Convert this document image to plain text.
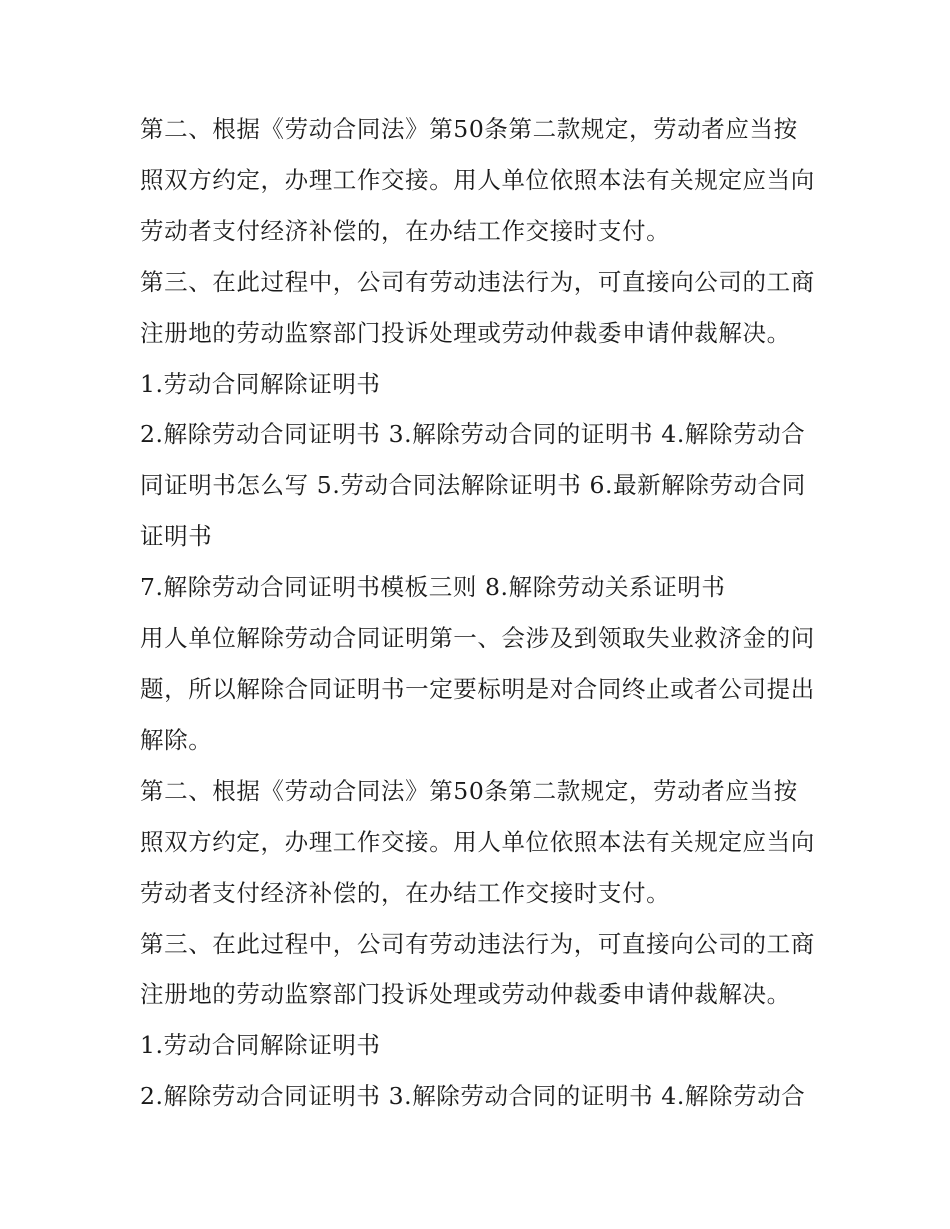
第二、根据《劳动合同法》第50条第二款规定，劳动者应当按照双方约定，办理工作交接。用人单位依照本法有关规定应当向劳动者支付经济补偿的，在办结工作交接时支付。

第三、在此过程中，公司有劳动违法行为，可直接向公司的工商注册地的劳动监察部门投诉处理或劳动仲裁委申请仲裁解决。 1.劳动合同解除证明书

2.解除劳动合同证明书 3.解除劳动合同的证明书 4.解除劳动合同证明书怎么写 5.劳动合同法解除证明书 6.最新解除劳动合同证明书

7.解除劳动合同证明书模板三则 8.解除劳动关系证明书

用人单位解除劳动合同证明第一、会涉及到领取失业救济金的问题，所以解除合同证明书一定要标明是对合同终止或者公司提出解除。

第二、根据《劳动合同法》第50条第二款规定，劳动者应当按照双方约定，办理工作交接。用人单位依照本法有关规定应当向劳动者支付经济补偿的，在办结工作交接时支付。

第三、在此过程中，公司有劳动违法行为，可直接向公司的工商注册地的劳动监察部门投诉处理或劳动仲裁委申请仲裁解决。 1.劳动合同解除证明书

2.解除劳动合同证明书 3.解除劳动合同的证明书 4.解除劳动合
